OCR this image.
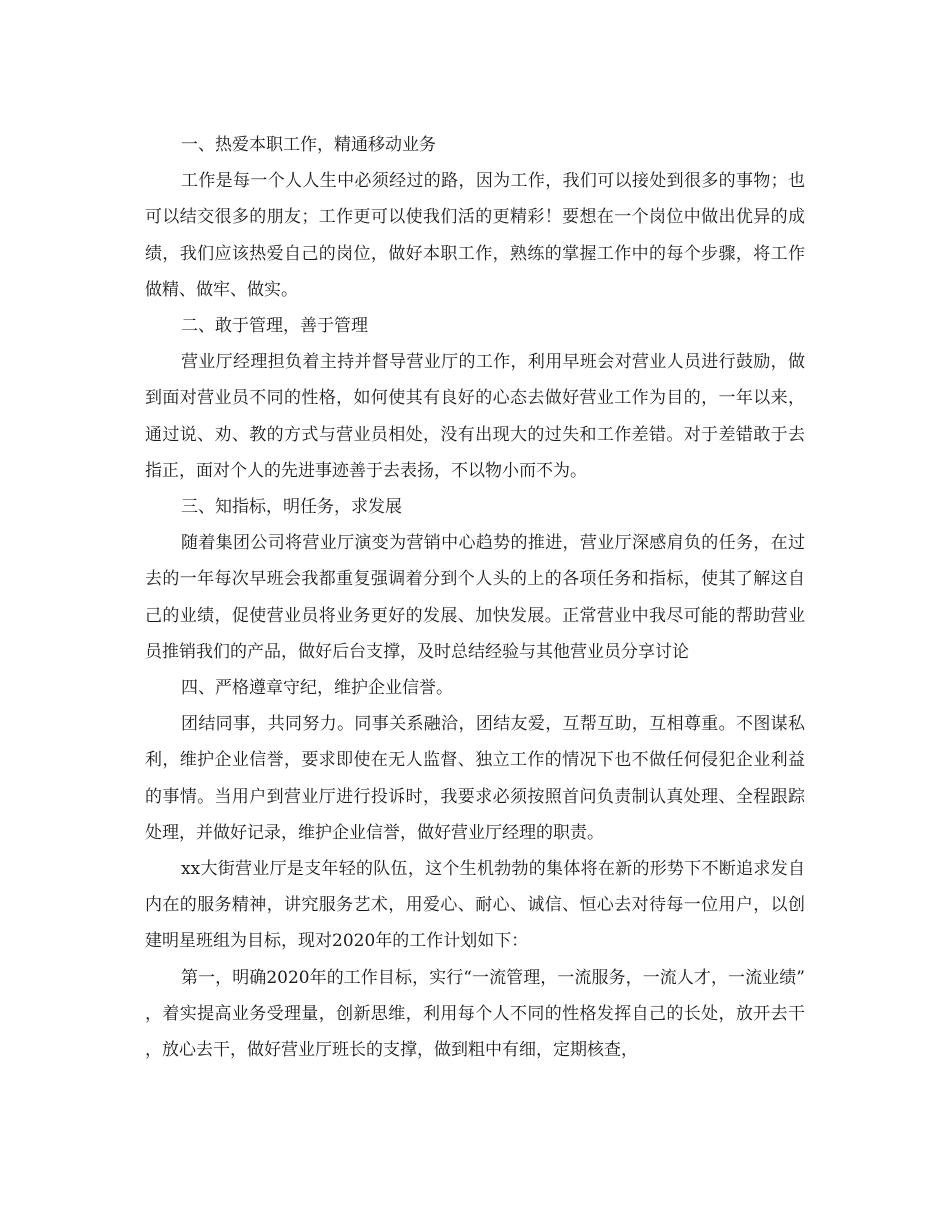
一、热爱本职工作，精通移动业务

工作是每一个人人生中必须经过的路，因为工作，我们可以接处到很多的事物；也可以结交很多的朋友；工作更可以使我们活的更精彩！要想在一个岗位中做出优异的成绩，我们应该热爱自己的岗位，做好本职工作，熟练的掌握工作中的每个步骤，将工作做精、做牢、做实。

二、敢于管理，善于管理

营业厅经理担负着主持并督导营业厅的工作，利用早班会对营业人员进行鼓励，做到面对营业员不同的性格，如何使其有良好的心态去做好营业工作为目的，一年以来，通过说、劝、教的方式与营业员相处，没有出现大的过失和工作差错。对于差错敢于去指正，面对个人的先进事迹善于去表扬，不以物小而不为。

三、知指标，明任务，求发展

随着集团公司将营业厅演变为营销中心趋势的推进，营业厅深感肩负的任务，在过去的一年每次早班会我都重复强调着分到个人头的上的各项任务和指标，使其了解这自己的业绩，促使营业员将业务更好的发展、加快发展。正常营业中我尽可能的帮助营业员推销我们的产品，做好后台支撑，及时总结经验与其他营业员分享讨论

四、严格遵章守纪，维护企业信誉。

团结同事，共同努力。同事关系融洽，团结友爱，互帮互助，互相尊重。不图谋私利，维护企业信誉，要求即使在无人监督、独立工作的情况下也不做任何侵犯企业利益的事情。当用户到营业厅进行投诉时，我要求必须按照首问负责制认真处理、全程跟踪处理，并做好记录，维护企业信誉，做好营业厅经理的职责。

xx大街营业厅是支年轻的队伍，这个生机勃勃的集体将在新的形势下不断追求发自内在的服务精神，讲究服务艺术，用爱心、耐心、诚信、恒心去对待每一位用户，以创建明星班组为目标，现对2020年的工作计划如下：

第一，明确2020年的工作目标，实行“一流管理，一流服务，一流人才，一流业绩”，着实提高业务受理量，创新思维，利用每个人不同的性格发挥自己的长处，放开去干，放心去干，做好营业厅班长的支撑，做到粗中有细，定期核查，
